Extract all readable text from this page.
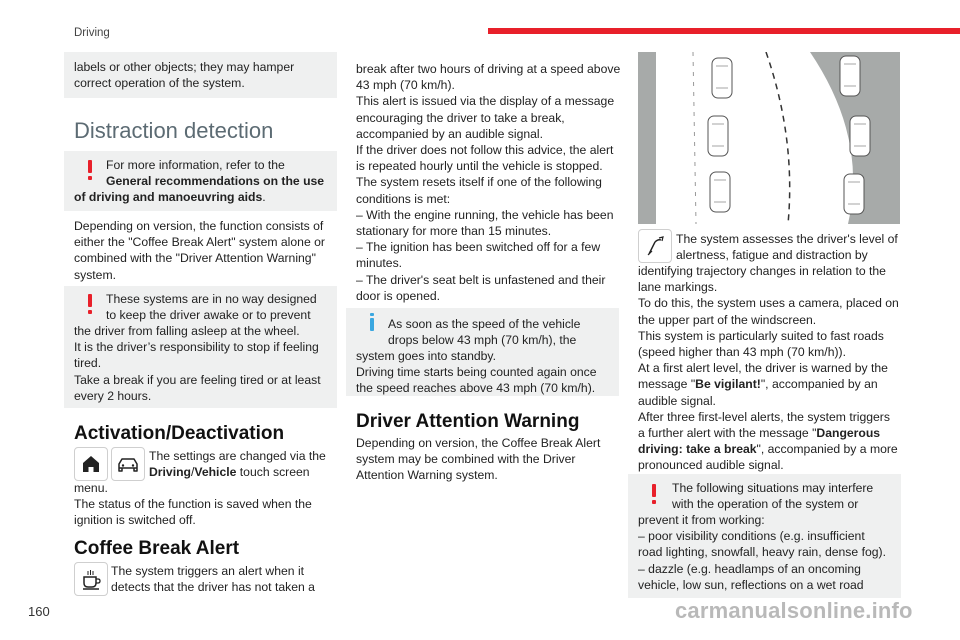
Driving
labels or other objects; they may hamper
correct operation of the system.
Distraction detection
For more information, refer to the
General recommendations on the use
of driving and manoeuvring aids.
Depending on version, the function consists of
either the "Coffee Break Alert" system alone or
combined with the "Driver Attention Warning"
system.
These systems are in no way designed
to keep the driver awake or to prevent
the driver from falling asleep at the wheel.
It is the driver’s responsibility to stop if feeling
tired.
Take a break if you are feeling tired or at least
every 2 hours.
Activation/Deactivation
The settings are changed via the
Driving/Vehicle touch screen
menu.
The status of the function is saved when the
ignition is switched off.
Coffee Break Alert
The system triggers an alert when it
detects that the driver has not taken a
break after two hours of driving at a speed above
43 mph (70 km/h).
This alert is issued via the display of a message
encouraging the driver to take a break,
accompanied by an audible signal.
If the driver does not follow this advice, the alert
is repeated hourly until the vehicle is stopped.
The system resets itself if one of the following
conditions is met:
– With the engine running, the vehicle has been
stationary for more than 15 minutes.
– The ignition has been switched off for a few
minutes.
– The driver's seat belt is unfastened and their
door is opened.
As soon as the speed of the vehicle
drops below 43 mph (70 km/h), the
system goes into standby.
Driving time starts being counted again once
the speed reaches above 43 mph (70 km/h).
Driver Attention Warning
Depending on version, the Coffee Break Alert
system may be combined with the Driver
Attention Warning system.
The system assesses the driver's level of
alertness, fatigue and distraction by
identifying trajectory changes in relation to the
lane markings.
To do this, the system uses a camera, placed on
the upper part of the windscreen.
This system is particularly suited to fast roads
(speed higher than 43 mph (70 km/h)).
At a first alert level, the driver is warned by the
message "Be vigilant!", accompanied by an
audible signal.
After three first-level alerts, the system triggers
a further alert with the message "Dangerous
driving: take a break", accompanied by a more
pronounced audible signal.
The following situations may interfere
with the operation of the system or
prevent it from working:
– poor visibility conditions (e.g. insufficient
road lighting, snowfall, heavy rain, dense fog).
– dazzle (e.g. headlamps of an oncoming
vehicle, low sun, reflections on a wet road
160	carmanualsonline.info
